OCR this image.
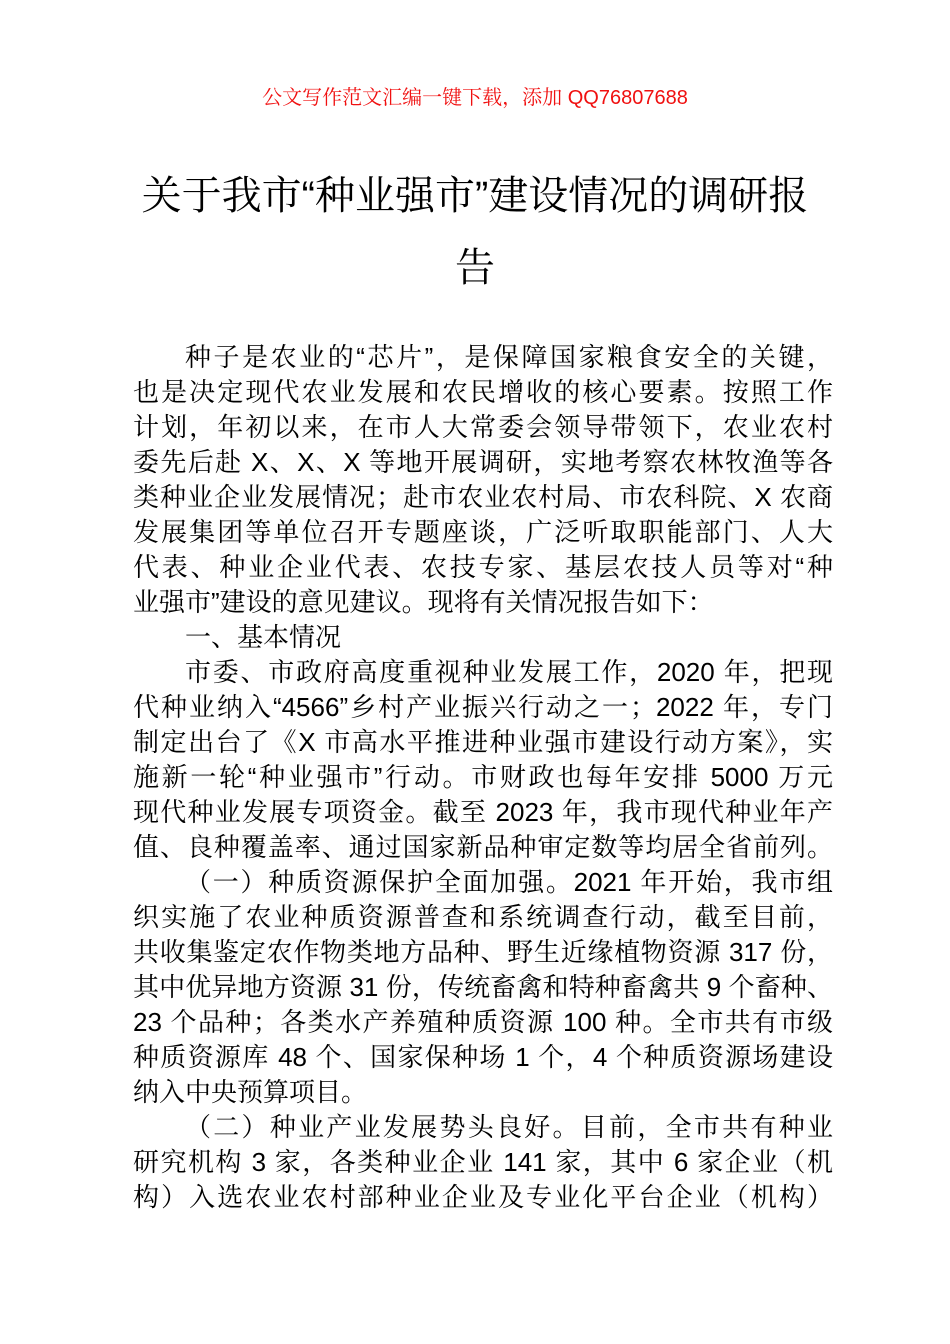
公文写作范文汇编一键下载，添加 QQ76807688
关于我市“种业强市”建设情况的调研报
告
种子是农业的“芯片”，是保障国家粮食安全的关键，
也是决定现代农业发展和农民增收的核心要素。按照工作
计划，年初以来，在市人大常委会领导带领下，农业农村
委先后赴 X、X、X 等地开展调研，实地考察农林牧渔等各
类种业企业发展情况；赴市农业农村局、市农科院、X 农商
发展集团等单位召开专题座谈，广泛听取职能部门、人大
代表、种业企业代表、农技专家、基层农技人员等对“种
业强市”建设的意见建议。现将有关情况报告如下：
一、基本情况
市委、市政府高度重视种业发展工作，2020 年，把现
代种业纳入“4566”乡村产业振兴行动之一；2022 年，专门
制定出台了《X 市高水平推进种业强市建设行动方案》，实
施新一轮“种业强市”行动。市财政也每年安排 5000 万元
现代种业发展专项资金。截至 2023 年，我市现代种业年产
值、良种覆盖率、通过国家新品种审定数等均居全省前列。
（一）种质资源保护全面加强。2021 年开始，我市组
织实施了农业种质资源普查和系统调查行动，截至目前，
共收集鉴定农作物类地方品种、野生近缘植物资源 317 份，
其中优异地方资源 31 份，传统畜禽和特种畜禽共 9 个畜种、
23 个品种；各类水产养殖种质资源 100 种。全市共有市级
种质资源库 48 个、国家保种场 1 个，4 个种质资源场建设
纳入中央预算项目。
（二）种业产业发展势头良好。目前，全市共有种业
研究机构 3 家，各类种业企业 141 家，其中 6 家企业（机
构）入选农业农村部种业企业及专业化平台企业（机构）
